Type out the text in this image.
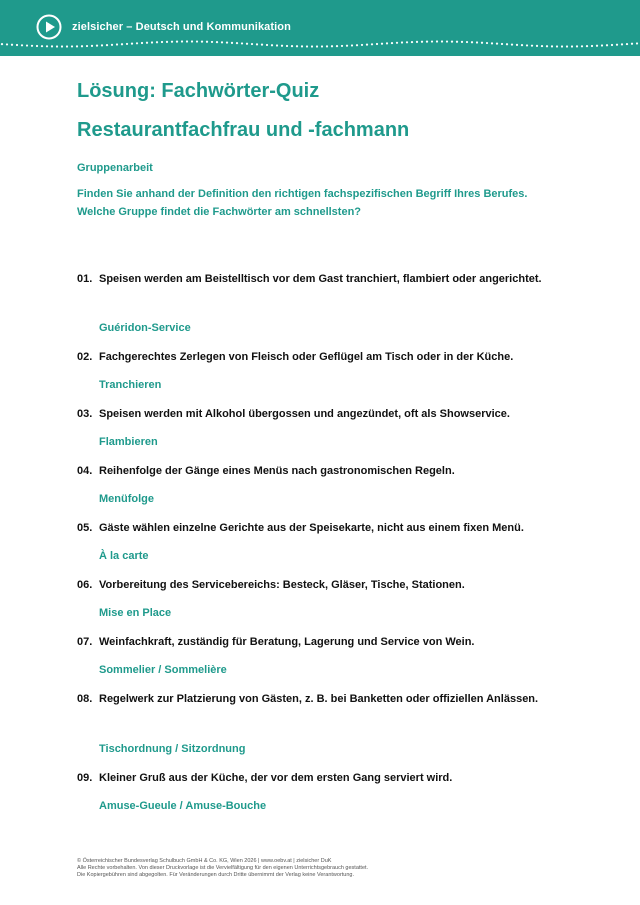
zielsicher – Deutsch und Kommunikation
Lösung: Fachwörter-Quiz
Restaurantfachfrau und -fachmann
Gruppenarbeit
Finden Sie anhand der Definition den richtigen fachspezifischen Begriff Ihres Berufes.
Welche Gruppe findet die Fachwörter am schnellsten?
01. Speisen werden am Beistelltisch vor dem Gast tranchiert, flambiert oder angerichtet.
Guéridon-Service
02. Fachgerechtes Zerlegen von Fleisch oder Geflügel am Tisch oder in der Küche.
Tranchieren
03. Speisen werden mit Alkohol übergossen und angezündet, oft als Showservice.
Flambieren
04. Reihenfolge der Gänge eines Menüs nach gastronomischen Regeln.
Menüfolge
05. Gäste wählen einzelne Gerichte aus der Speisekarte, nicht aus einem fixen Menü.
À la carte
06. Vorbereitung des Servicebereichs: Besteck, Gläser, Tische, Stationen.
Mise en Place
07. Weinfachkraft, zuständig für Beratung, Lagerung und Service von Wein.
Sommelier / Sommelière
08. Regelwerk zur Platzierung von Gästen, z. B. bei Banketten oder offiziellen Anlässen.
Tischordnung / Sitzordnung
09. Kleiner Gruß aus der Küche, der vor dem ersten Gang serviert wird.
Amuse-Gueule / Amuse-Bouche
© Österreichischer Bundesverlag Schulbuch GmbH & Co. KG, Wien 2026 | www.oebv.at | zielsicher DuK
Alle Rechte vorbehalten. Von dieser Druckvorlage ist die Vervielfältigung für den eigenen Unterrichtsgebrauch gestattet.
Die Kopiergebühren sind abgegolten. Für Veränderungen durch Dritte übernimmt der Verlag keine Verantwortung.
